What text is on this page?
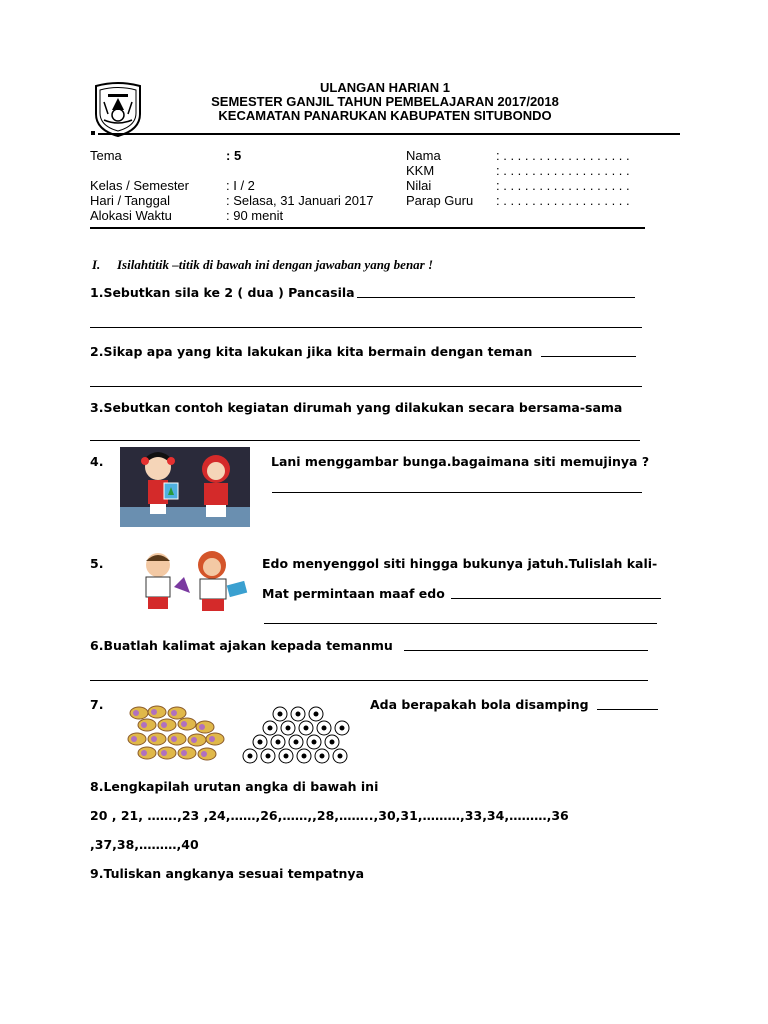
ULANGAN HARIAN 1
SEMESTER GANJIL TAHUN PEMBELAJARAN 2017/2018
KECAMATAN PANARUKAN KABUPATEN SITUBONDO
Tema	: 5
Kelas / Semester	: I / 2
Hari / Tanggal	: Selasa, 31 Januari 2017
Alokasi Waktu	: 90 menit
Nama	: . . . . . . . . . . . . . . . . . .
KKM	: . . . . . . . . . . . . . . . . . .
Nilai	: . . . . . . . . . . . . . . . . . .
Parap Guru : . . . . . . . . . . . . . . . . . .
I. Isilahtitik –titik di bawah ini dengan jawaban yang benar !
1.Sebutkan sila ke 2 ( dua ) Pancasila
2.Sikap apa yang kita lakukan jika kita bermain dengan teman
3.Sebutkan contoh kegiatan dirumah yang dilakukan secara bersama-sama
4.	Lani menggambar bunga.bagaimana siti memujinya ?
5.	Edo menyenggol siti hingga bukunya jatuh.Tulislah kali-
Mat permintaan maaf edo
6.Buatlah kalimat ajakan kepada temanmu
7.	Ada berapakah bola disamping
8.Lengkapilah urutan angka di bawah ini
20 , 21, …….,23 ,24,……,26,……,,28,……..,30,31,………,33,34,………,36
,37,38,………,40
9.Tuliskan angkanya sesuai tempatnya
